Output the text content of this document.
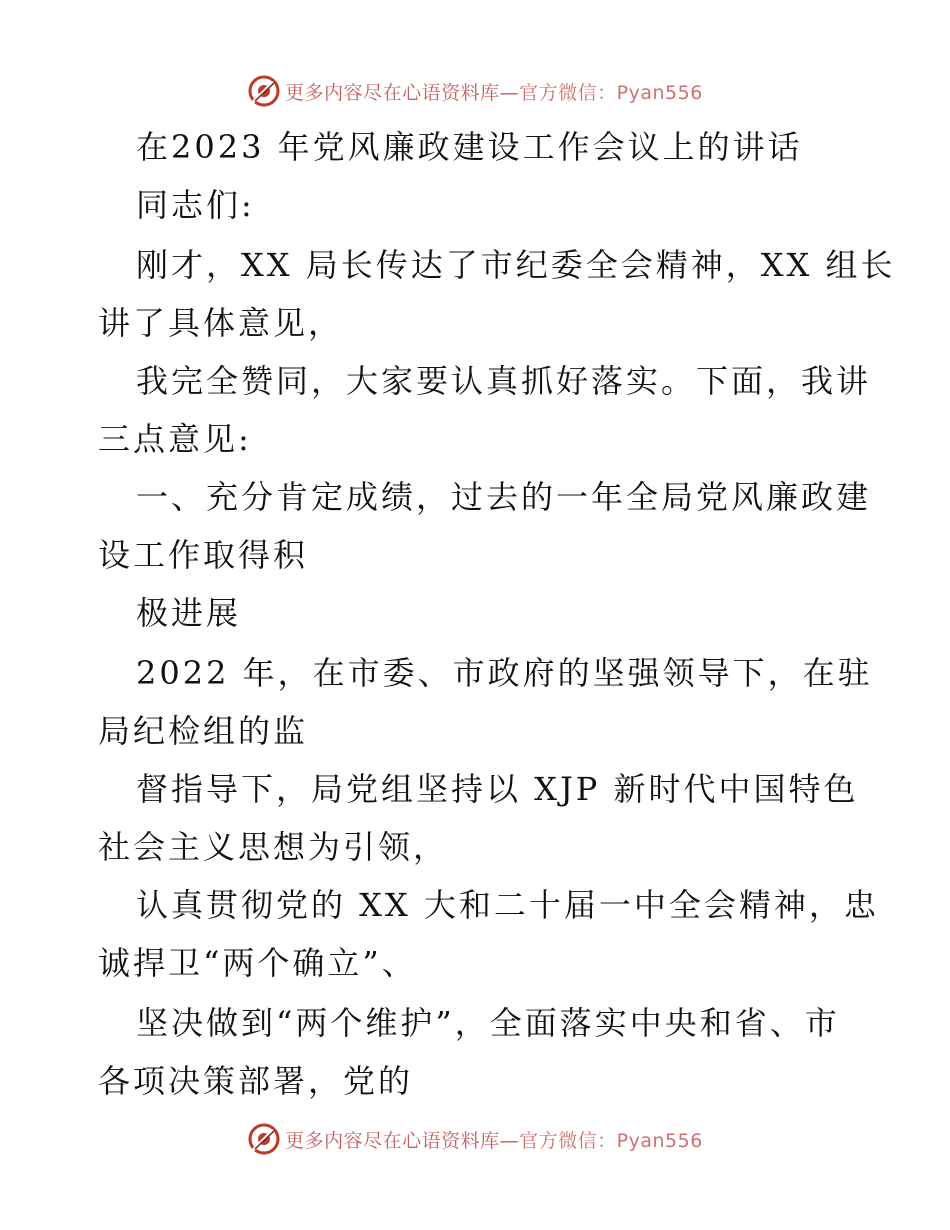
更多内容尽在心语资料库— 官方微信：Pyan556
在2023 年党风廉政建设工作会议上的讲话
同志们:
刚才，XX 局长传达了市纪委全会精神，XX 组长
讲了具体意见，
我完全赞同，大家要认真抓好落实。下面，我讲
三点意见:
一、充分肯定成绩，过去的一年全局党风廉政建
设工作取得积
极进展
2022 年，在市委、市政府的坚强领导下，在驻
局纪检组的监
督指导下，局党组坚持以 XJP 新时代中国特色
社会主义思想为引领，
认真贯彻党的 XX 大和二十届一中全会精神，忠
诚捍卫“两个确立”、
坚决做到“两个维护”，全面落实中央和省、市
各项决策部署，党的
更多内容尽在心语资料库— 官方微信：Pyan556
